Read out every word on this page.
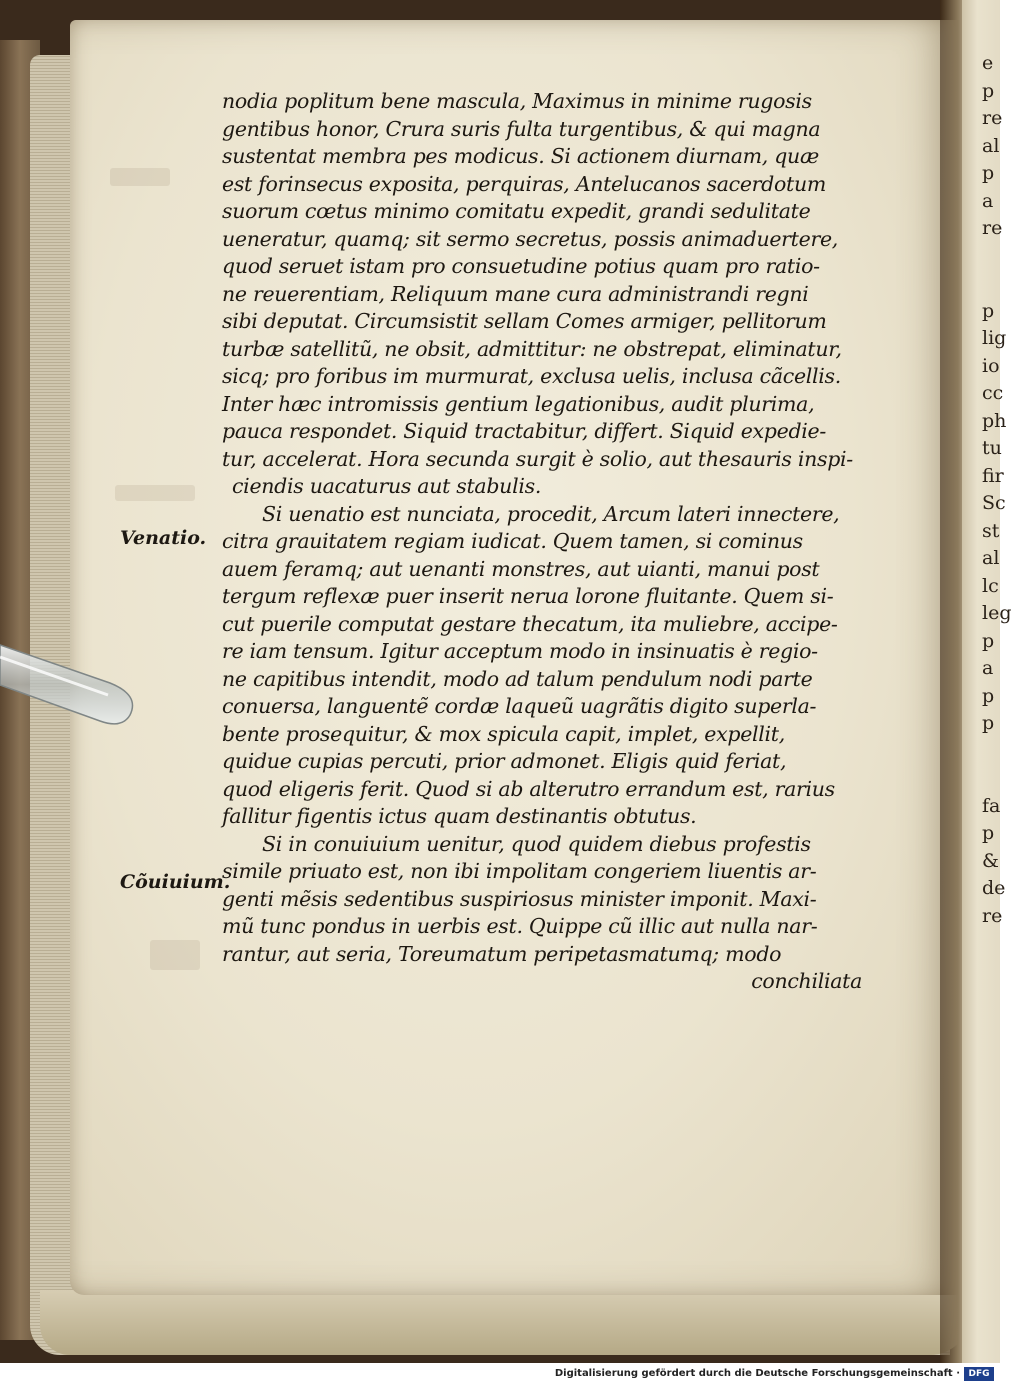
e
p
re
al
p
a
re
p
lig
io
cc
ph
tu
fir
Sc
st
al
lc
leg
p
a
p
p
fa
p
&
de
re
Venatio.
Cõuiuium.
nodia poplitum bene mascula, Maximus in minime rugosis
gentibus honor, Crura suris fulta turgentibus, & qui magna
sustentat membra pes modicus. Si actionem diurnam, quæ
est forinsecus exposita, perquiras, Antelucanos sacerdotum
suorum cœtus minimo comitatu expedit, grandi sedulitate
ueneratur, quamq; sit sermo secretus, possis animaduertere,
quod seruet istam pro consuetudine potius quam pro ratio-
ne reuerentiam, Reliquum mane cura administrandi regni
sibi deputat. Circumsistit sellam Comes armiger, pellitorum
turbæ satellitũ, ne obsit, admittitur: ne obstrepat, eliminatur,
sicq; pro foribus im murmurat, exclusa uelis, inclusa cãcellis.
Inter hæc intromissis gentium legationibus, audit plurima,
pauca respondet. Siquid tractabitur, differt. Siquid expedie-
tur, accelerat. Hora secunda surgit è solio, aut thesauris inspi-
ciendis uacaturus aut stabulis.
Si uenatio est nunciata, procedit, Arcum lateri innectere,
citra grauitatem regiam iudicat. Quem tamen, si cominus
auem feramq; aut uenanti monstres, aut uianti, manui post
tergum reflexæ puer inserit nerua lorone fluitante. Quem si-
cut puerile computat gestare thecatum, ita muliebre, accipe-
re iam tensum. Igitur acceptum modo in insinuatis è regio-
ne capitibus intendit, modo ad talum pendulum nodi parte
conuersa, languentẽ cordæ laqueũ uagrãtis digito superla-
bente prosequitur, & mox spicula capit, implet, expellit,
quidue cupias percuti, prior admonet. Eligis quid feriat,
quod eligeris ferit. Quod si ab alterutro errandum est, rarius
fallitur figentis ictus quam destinantis obtutus.
Si in conuiuium uenitur, quod quidem diebus profestis
simile priuato est, non ibi impolitam congeriem liuentis ar-
genti mẽsis sedentibus suspiriosus minister imponit. Maxi-
mũ tunc pondus in uerbis est. Quippe cũ illic aut nulla nar-
rantur, aut seria, Toreumatum peripetasmatumq; modo
conchiliata
Digitalisierung gefördert durch die Deutsche Forschungsgemeinschaft · DFG
